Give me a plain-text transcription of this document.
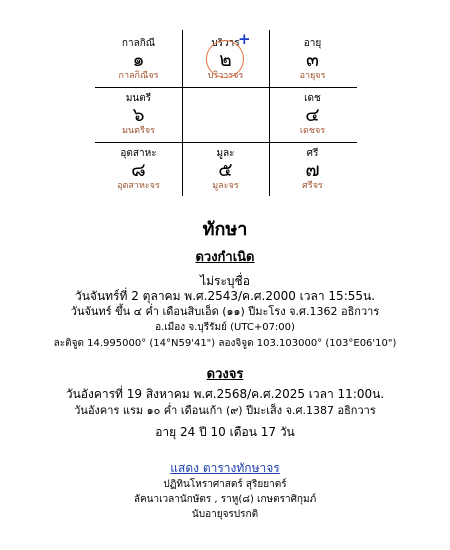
กาลกิณี
๑
กาลกิณีจร
บริวาร
๒
บริวารจร
อายุ
๓
อายุจร
มนตรี
๖
มนตรีจร
เดช
๔
เดชจร
อุตสาหะ
๘
อุตสาหะจร
มูละ
๕
มูละจร
ศรี
๗
ศรีจร
+
ทักษา
ดวงกำเนิด
ไม่ระบุชื่อ
วันจันทร์ที่ 2 ตุลาคม พ.ศ.2543/ค.ศ.2000 เวลา 15:55น.
วันจันทร์ ขึ้น ๔ ค่ำ เดือนสิบเอ็ด (๑๑) ปีมะโรง จ.ศ.1362 อธิกวาร
อ.เมือง จ.บุรีรัมย์ (UTC+07:00)
ละติจูด 14.995000° (14°N59'41") ลองจิจูด 103.103000° (103°E06'10")
ดวงจร
วันอังคารที่ 19 สิงหาคม พ.ศ.2568/ค.ศ.2025 เวลา 11:00น.
วันอังคาร แรม ๑๐ ค่ำ เดือนเก้า (๙) ปีมะเส็ง จ.ศ.1387 อธิกวาร
อายุ 24 ปี 10 เดือน 17 วัน
แสดง ตารางทักษาจร
ปฏิทินโหราศาสตร์ สุริยยาตร์
ลัคนาเวลานักษัตร , ราหู(๘) เกษตราศิกุมภ์
นับอายุจรปรกติ
